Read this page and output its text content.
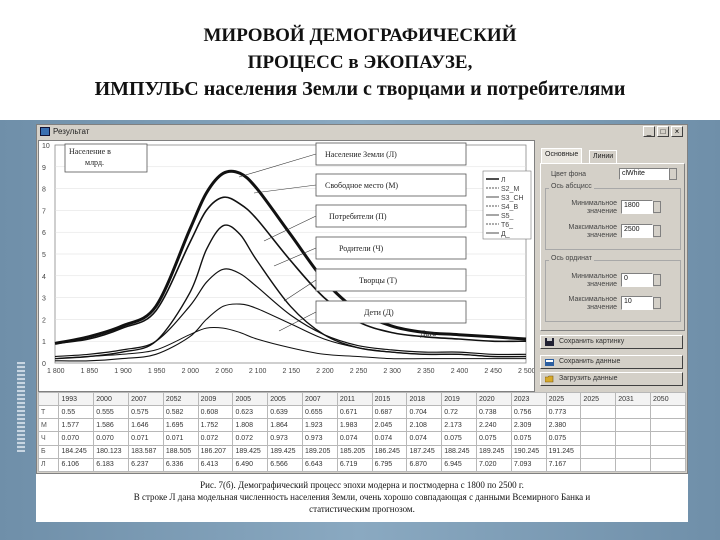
МИРОВОЙ ДЕМОГРАФИЧЕСКИЙ
ПРОЦЕСС в ЭКОПАУЗЕ,
ИМПУЛЬС населения Земли с творцами и потребителями
Результат	_	□	×
10
9
8
7
6
5
4
3
2
1
0
1 800 1 850 1 900 1 950 2 000 2 050 2 100 2 150 2 200 2 250 2 300 2 350 2 400 2 450 2 500
Население в
млрд.
Население Земли (Л)
Свободное место (М)
Потребители (П)
Родители (Ч)
Творцы (Т)
Дети (Д)
Дата
Л
S2_M
S3_CH
S4_B
S5_
T6_
Д_
Основные	Линии
Цвет фона	clWhite
Ось абсцисс
Минимальное
значение
1800
Максимальное
значение
2500
Ось ординат
Минимальное
значение
0
Максимальное
значение
10
Сохранить картинку
Сохранить данные
Загрузить данные
	1993	2000	2007	2052	2009	2005	2005	2007	2011	2015	2018	2019	2020	2023	2025	2025	2031	2050
Т	0.55	0.555	0.575	0.582	0.608	0.623	0.639	0.655	0.671	0.687	0.704	0.72	0.738	0.756	0.773			
М	1.577	1.586	1.646	1.695	1.752	1.808	1.864	1.923	1.983	2.045	2.108	2.173	2.240	2.309	2.380			
Ч	0.070	0.070	0.071	0.071	0.072	0.072	0.973	0.973	0.074	0.074	0.074	0.075	0.075	0.075	0.075			
Б	184.245	180.123	183.587	188.505	186.207	189.425	189.425	189.205	185.205	186.245	187.245	188.245	189.245	190.245	191.245			
Л	6.106	6.183	6.237	6.336	6.413	6.490	6.566	6.643	6.719	6.795	6.870	6.945	7.020	7.093	7.167			
Рис. 7(б). Демографический процесс эпохи модерна и постмодерна с 1800 по 2500 г.
В строке Л дана модельная численность населения Земли, очень хорошо совпадающая с данными Всемирного Банка и
статистическим прогнозом.
